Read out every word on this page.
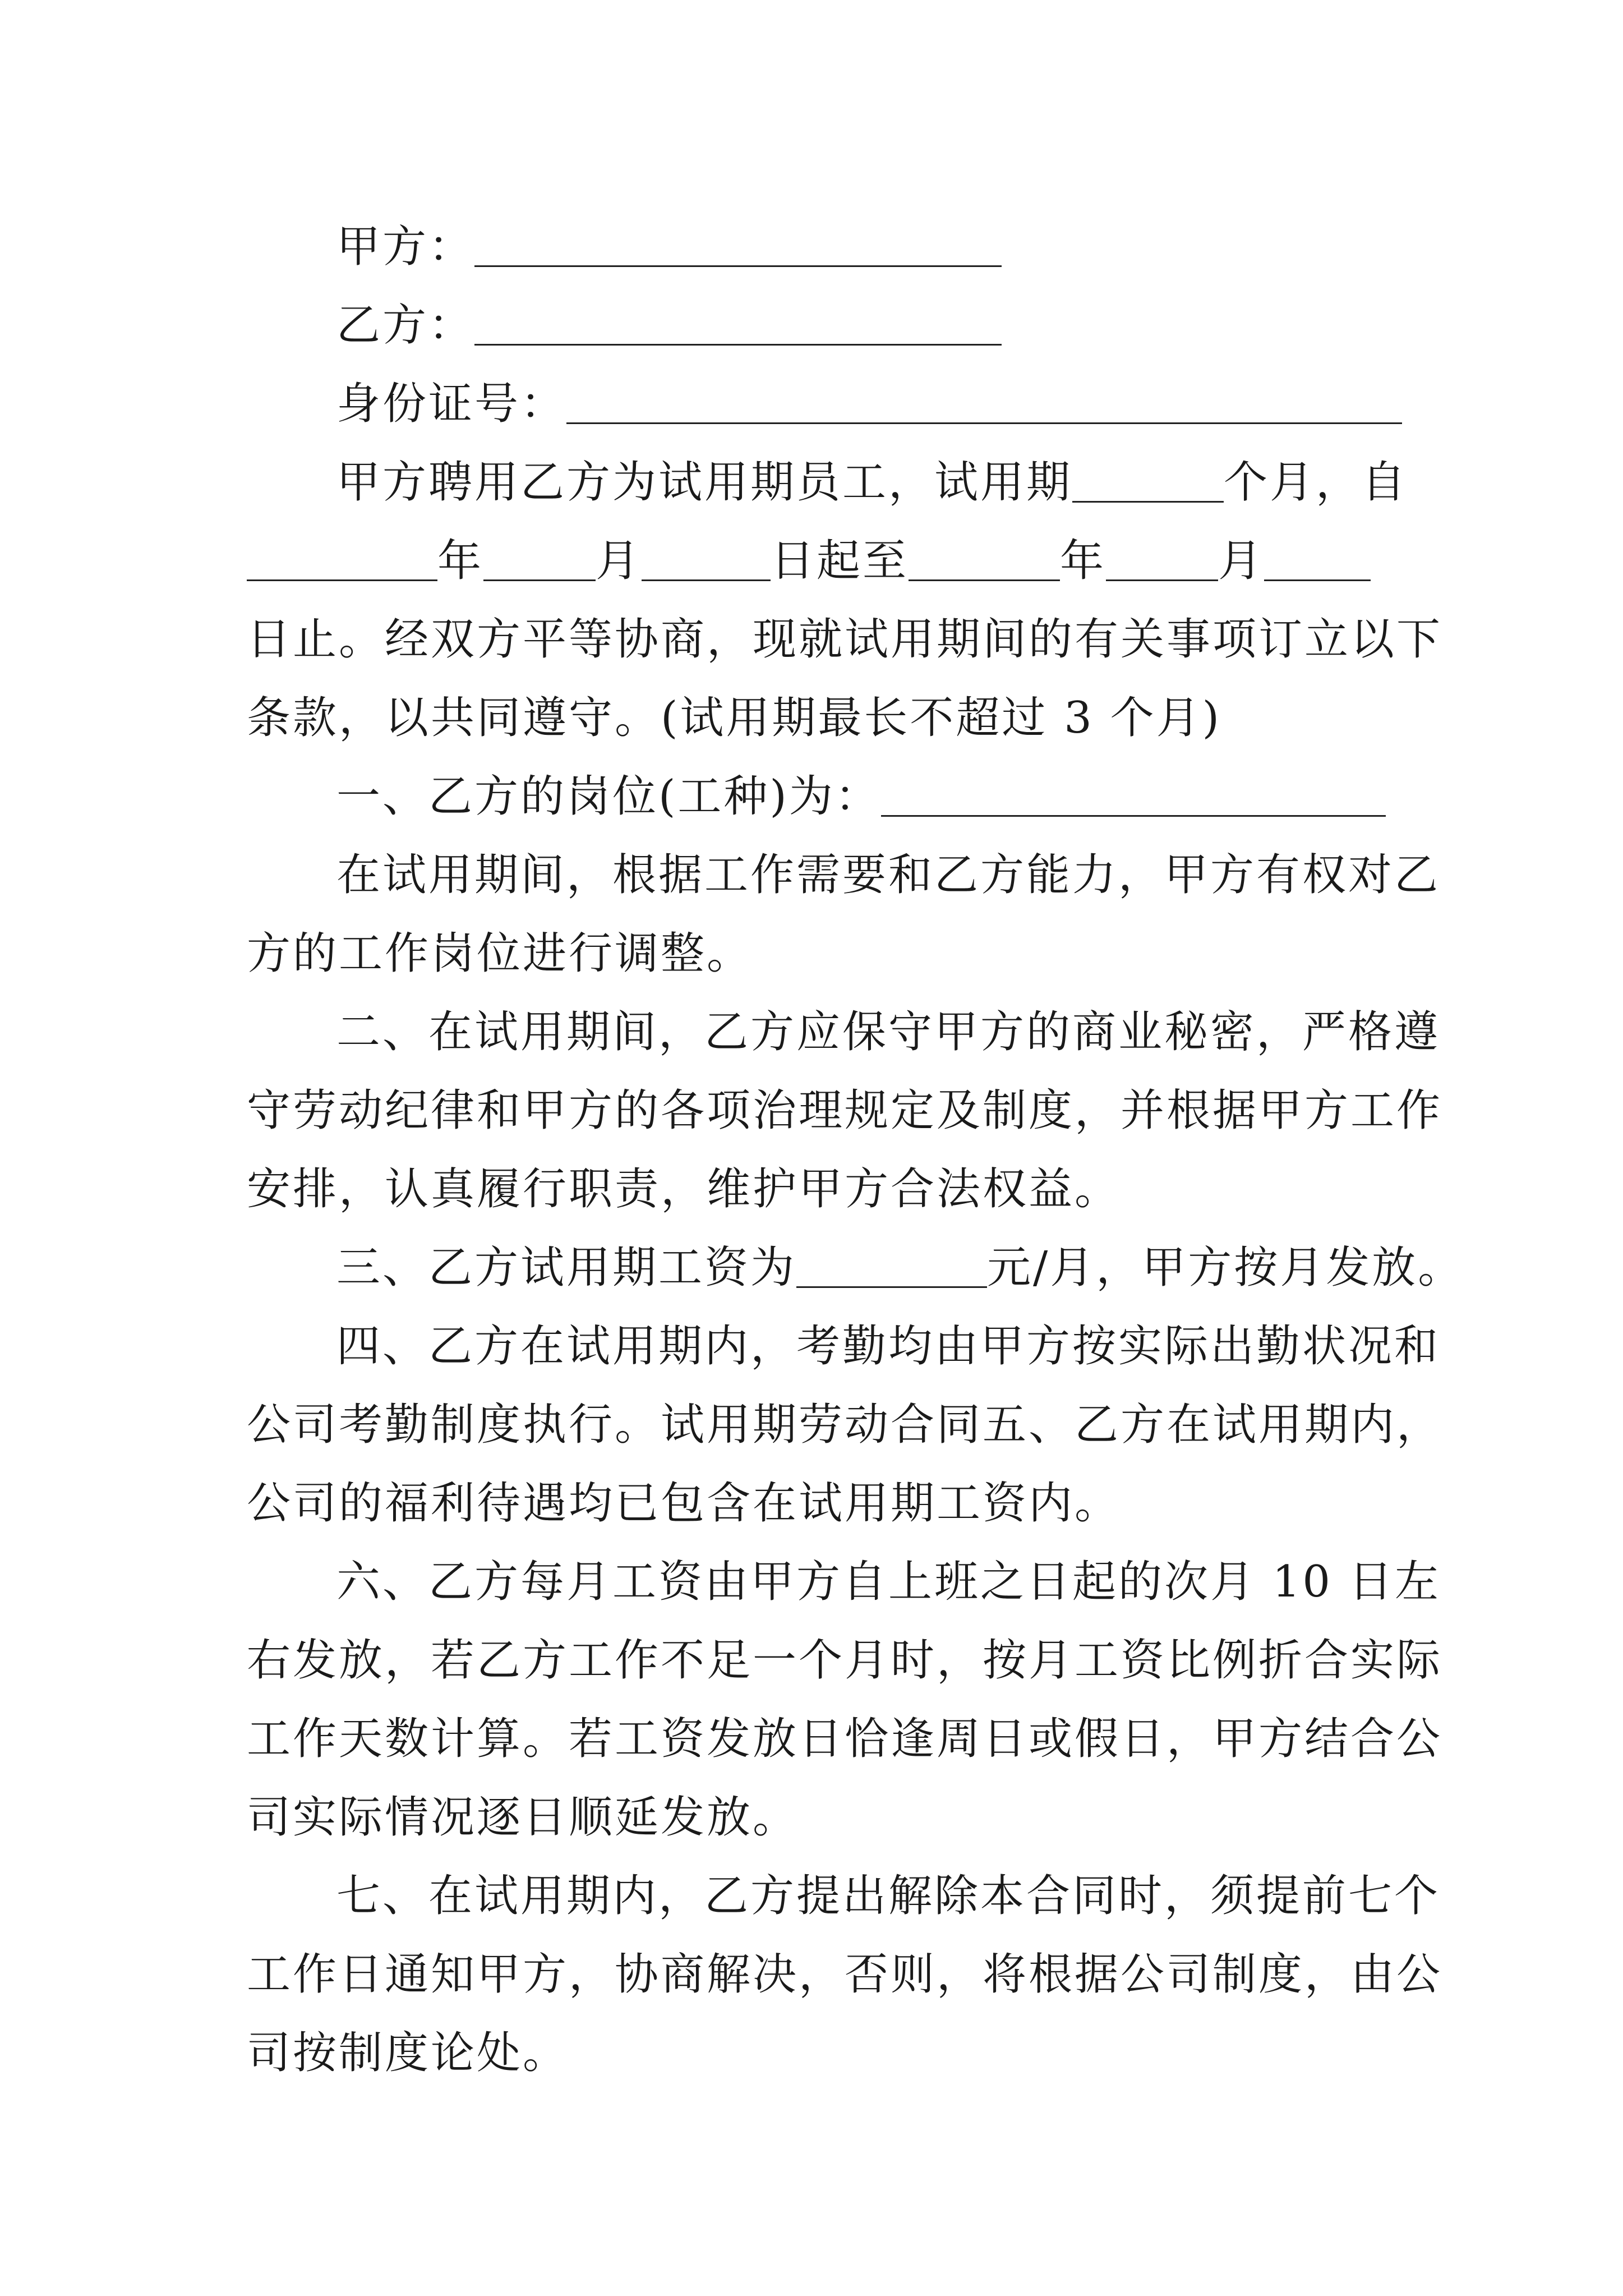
甲方：
乙方：
身份证号：
甲方聘用乙方为试用期员工，试用期	个月，自
年	月	日起至	年	月
日止。经双方平等协商，现就试用期间的有关事项订立以下
条款，以共同遵守。(试用期最长不超过 3 个月)
一、乙方的岗位(工种)为：
在试用期间，根据工作需要和乙方能力，甲方有权对乙
方的工作岗位进行调整。
二、在试用期间，乙方应保守甲方的商业秘密，严格遵
守劳动纪律和甲方的各项治理规定及制度，并根据甲方工作
安排，认真履行职责，维护甲方合法权益。
三、乙方试用期工资为	元/月，甲方按月发放。
四、乙方在试用期内，考勤均由甲方按实际出勤状况和
公司考勤制度执行。试用期劳动合同五、乙方在试用期内，
公司的福利待遇均已包含在试用期工资内。
六、乙方每月工资由甲方自上班之日起的次月 10 日左
右发放，若乙方工作不足一个月时，按月工资比例折合实际
工作天数计算。若工资发放日恰逢周日或假日，甲方结合公
司实际情况逐日顺延发放。
七、在试用期内，乙方提出解除本合同时，须提前七个
工作日通知甲方，协商解决，否则，将根据公司制度，由公
司按制度论处。
